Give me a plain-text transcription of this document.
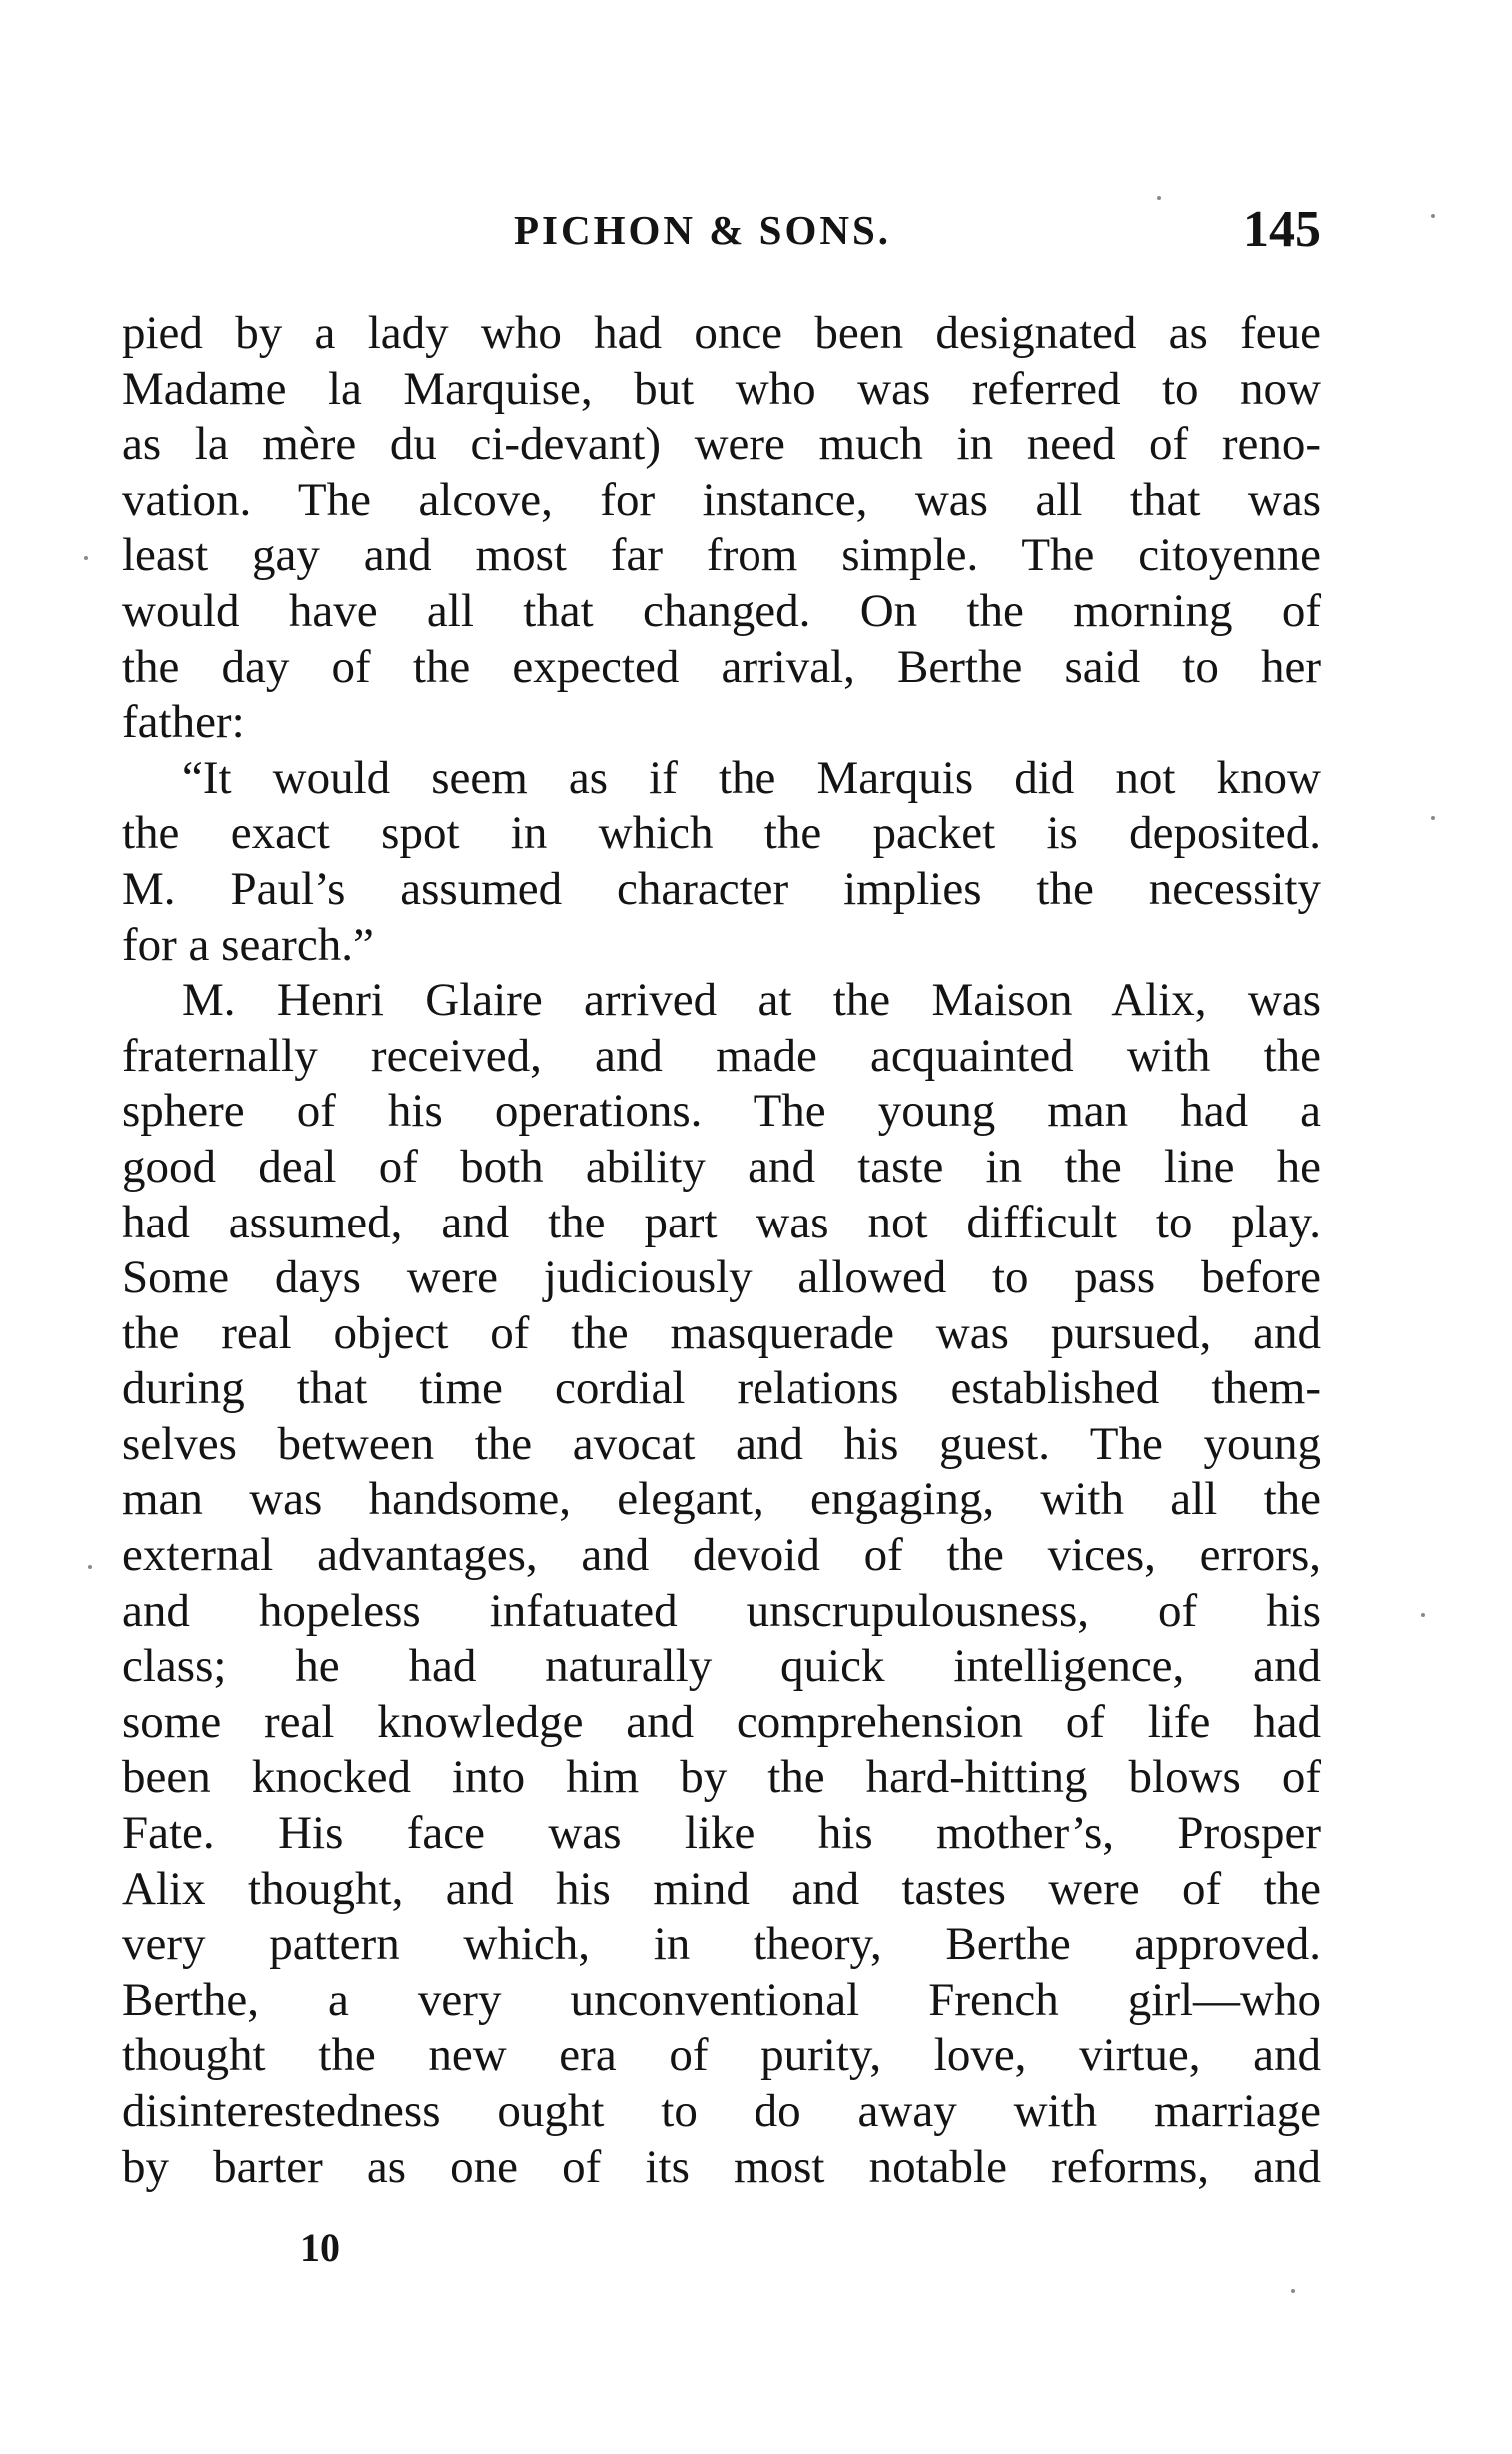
PICHON & SONS.	145
pied by a lady who had once been designated as feue
Madame la Marquise, but who was referred to now
as la mère du ci-devant) were much in need of reno-
vation. The alcove, for instance, was all that was
least gay and most far from simple. The citoyenne
would have all that changed. On the morning of
the day of the expected arrival, Berthe said to her
father:
“It would seem as if the Marquis did not know
the exact spot in which the packet is deposited.
M. Paul’s assumed character implies the necessity
for a search.”
M. Henri Glaire arrived at the Maison Alix, was
fraternally received, and made acquainted with the
sphere of his operations. The young man had a
good deal of both ability and taste in the line he
had assumed, and the part was not difficult to play.
Some days were judiciously allowed to pass before
the real object of the masquerade was pursued, and
during that time cordial relations established them-
selves between the avocat and his guest. The young
man was handsome, elegant, engaging, with all the
external advantages, and devoid of the vices, errors,
and hopeless infatuated unscrupulousness, of his
class; he had naturally quick intelligence, and
some real knowledge and comprehension of life had
been knocked into him by the hard-hitting blows of
Fate. His face was like his mother’s, Prosper
Alix thought, and his mind and tastes were of the
very pattern which, in theory, Berthe approved.
Berthe, a very unconventional French girl—who
thought the new era of purity, love, virtue, and
disinterestedness ought to do away with marriage
by barter as one of its most notable reforms, and
10
